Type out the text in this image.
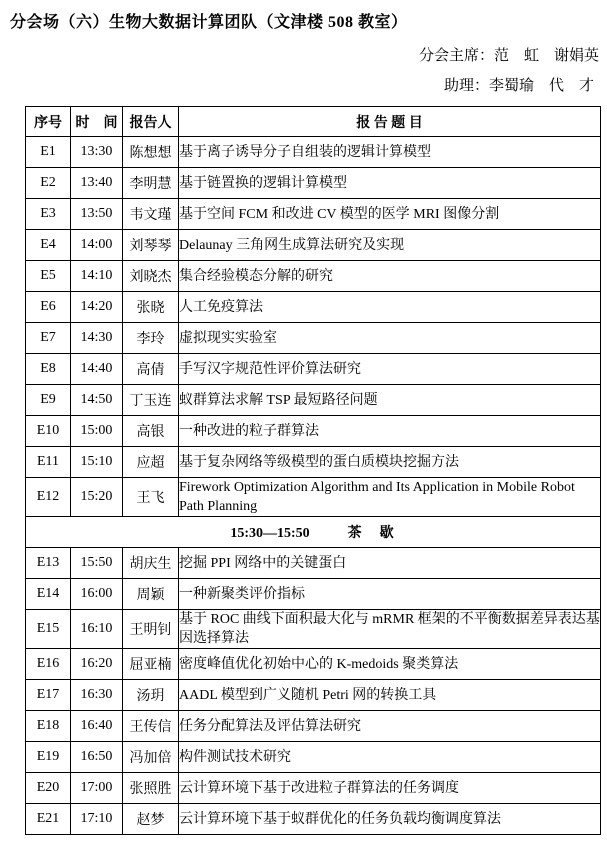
分会场（六）生物大数据计算团队（文津楼 508 教室）
分会主席：范　虹　谢娟英
助理：李蜀瑜　代　才
序号	时　间	报告人	报 告 题 目
E1	13:30	陈想想	基于离子诱导分子自组装的逻辑计算模型
E2	13:40	李明慧	基于链置换的逻辑计算模型
E3	13:50	韦文瑾	基于空间 FCM 和改进 CV 模型的医学 MRI 图像分割
E4	14:00	刘琴琴	Delaunay 三角网生成算法研究及实现
E5	14:10	刘晓杰	集合经验模态分解的研究
E6	14:20	张晓	人工免疫算法
E7	14:30	李玲	虚拟现实实验室
E8	14:40	高倩	手写汉字规范性评价算法研究
E9	14:50	丁玉连	蚁群算法求解 TSP 最短路径问题
E10	15:00	高银	一种改进的粒子群算法
E11	15:10	应超	基于复杂网络等级模型的蛋白质模块挖掘方法
E12	15:20	王飞	Firework Optimization Algorithm and Its Application in Mobile Robot Path Planning
15:30—15:50 茶　歇			
E13	15:50	胡庆生	挖掘 PPI 网络中的关键蛋白
E14	16:00	周颖	一种新聚类评价指标
E15	16:10	王明钊	基于 ROC 曲线下面积最大化与 mRMR 框架的不平衡数据差异表达基因选择算法
E16	16:20	屈亚楠	密度峰值优化初始中心的 K-medoids 聚类算法
E17	16:30	汤玥	AADL 模型到广义随机 Petri 网的转换工具
E18	16:40	王传信	任务分配算法及评估算法研究
E19	16:50	冯加倍	构件测试技术研究
E20	17:00	张照胜	云计算环境下基于改进粒子群算法的任务调度
E21	17:10	赵梦	云计算环境下基于蚁群优化的任务负载均衡调度算法
